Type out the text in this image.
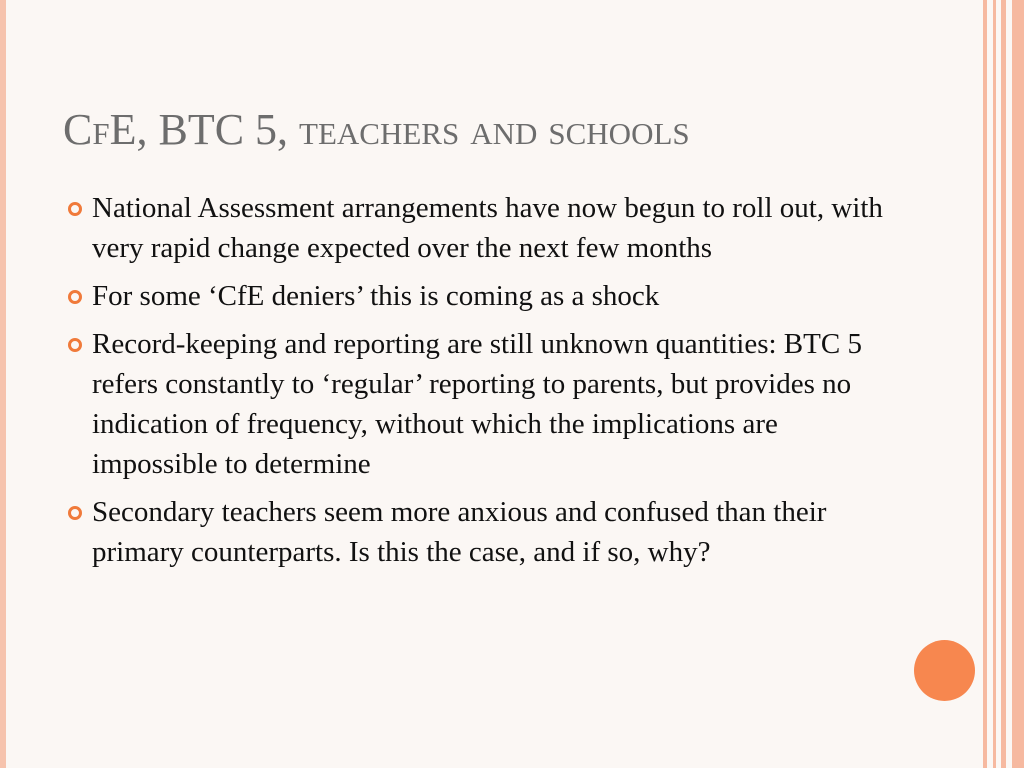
CfE, BTC 5, teachers and schools
National Assessment arrangements have now begun to roll out, with very rapid change expected over the next few months
For some ‘CfE deniers’ this is coming as a shock
Record-keeping and reporting are still unknown quantities: BTC 5 refers constantly to ‘regular’ reporting to parents, but provides no indication of frequency, without which the implications are impossible to determine
Secondary teachers seem more anxious and confused than their primary counterparts. Is this the case, and if so, why?
